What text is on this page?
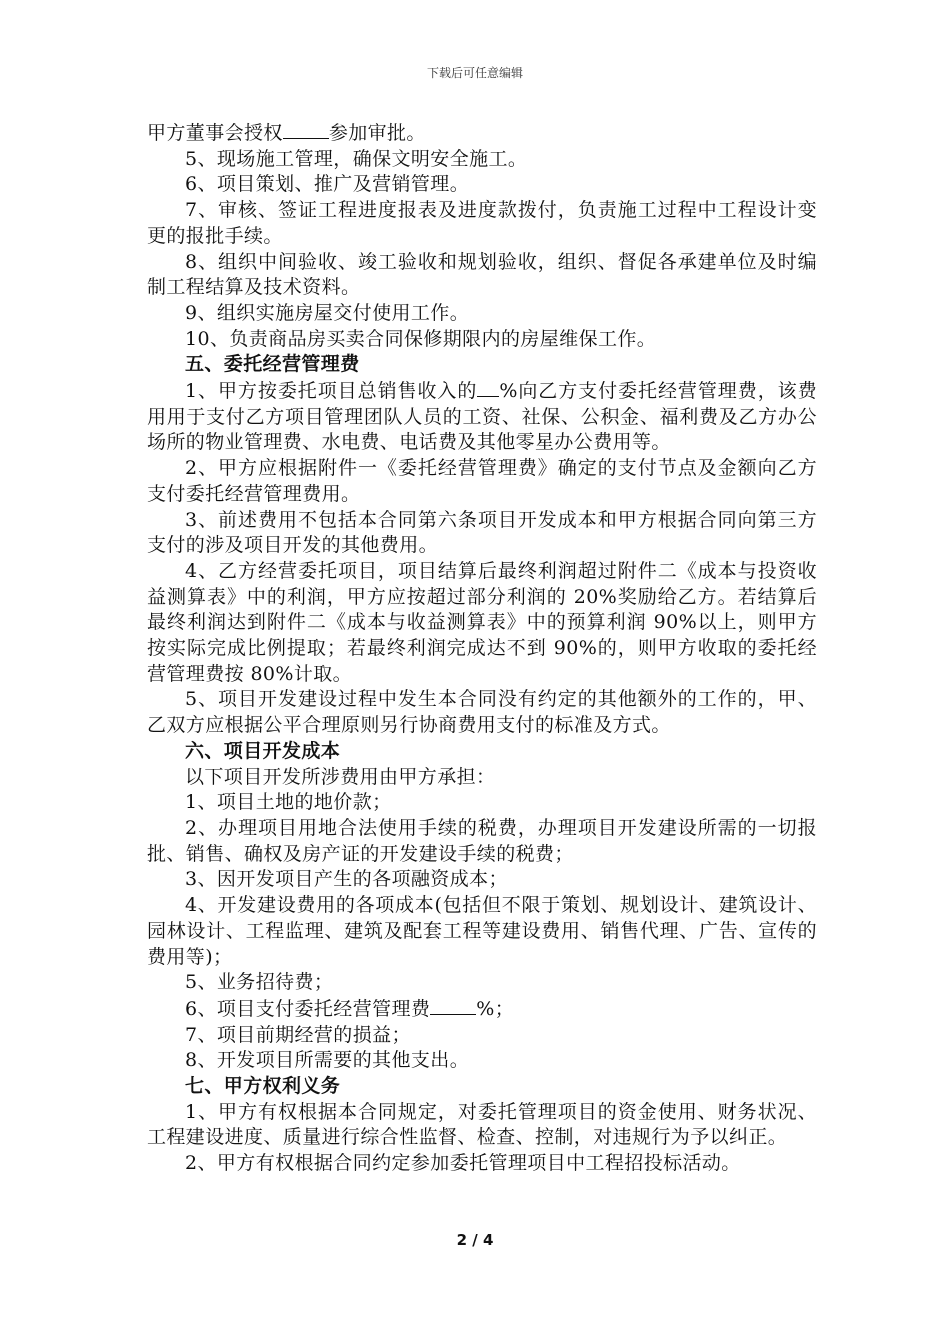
下载后可任意编辑

甲方董事会授权 参加审批。

5、现场施工管理，确保文明安全施工。

6、项目策划、推广及营销管理。

7、审核、签证工程进度报表及进度款拨付，负责施工过程中工程设计变更的报批手续。

8、组织中间验收、竣工验收和规划验收，组织、督促各承建单位及时编制工程结算及技术资料。

9、组织实施房屋交付使用工作。

10、负责商品房买卖合同保修期限内的房屋维保工作。

五、委托经营管理费

1、甲方按委托项目总销售收入的 %向乙方支付委托经营管理费，该费用用于支付乙方项目管理团队人员的工资、社保、公积金、福利费及乙方办公场所的物业管理费、水电费、电话费及其他零星办公费用等。

2、甲方应根据附件一《委托经营管理费》确定的支付节点及金额向乙方支付委托经营管理费用。

3、前述费用不包括本合同第六条项目开发成本和甲方根据合同向第三方支付的涉及项目开发的其他费用。

4、乙方经营委托项目，项目结算后最终利润超过附件二《成本与投资收益测算表》中的利润，甲方应按超过部分利润的 20%奖励给乙方。若结算后最终利润达到附件二《成本与收益测算表》中的预算利润 90%以上，则甲方按实际完成比例提取；若最终利润完成达不到 90%的，则甲方收取的委托经营管理费按 80%计取。

5、项目开发建设过程中发生本合同没有约定的其他额外的工作的，甲、乙双方应根据公平合理原则另行协商费用支付的标准及方式。

六、项目开发成本

以下项目开发所涉费用由甲方承担：

1、项目土地的地价款；

2、办理项目用地合法使用手续的税费，办理项目开发建设所需的一切报批、销售、确权及房产证的开发建设手续的税费；

3、因开发项目产生的各项融资成本；

4、开发建设费用的各项成本(包括但不限于策划、规划设计、建筑设计、园林设计、工程监理、建筑及配套工程等建设费用、销售代理、广告、宣传的费用等)；

5、业务招待费；

6、项目支付委托经营管理费 %；

7、项目前期经营的损益；

8、开发项目所需要的其他支出。

七、甲方权利义务

1、甲方有权根据本合同规定，对委托管理项目的资金使用、财务状况、工程建设进度、质量进行综合性监督、检查、控制，对违规行为予以纠正。

2、甲方有权根据合同约定参加委托管理项目中工程招投标活动。

2 / 4
